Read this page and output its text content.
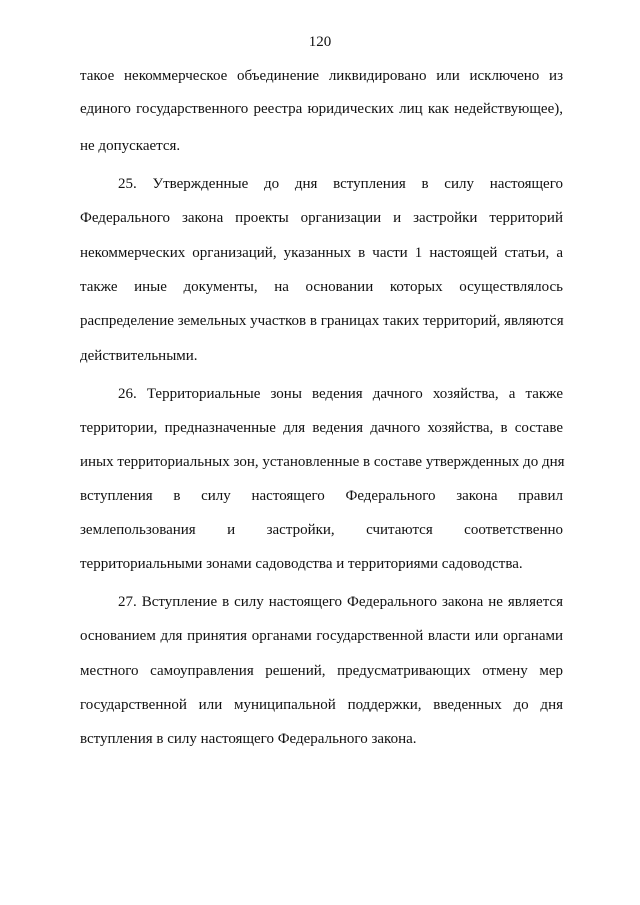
120
такое некоммерческое объединение ликвидировано или исключено из
единого государственного реестра юридических лиц как недействующее),
не допускается.
25. Утвержденные до дня вступления в силу настоящего
Федерального закона проекты организации и застройки территорий
некоммерческих организаций, указанных в части 1 настоящей статьи, а
также иные документы, на основании которых осуществлялось
распределение земельных участков в границах таких территорий, являются
действительными.
26. Территориальные зоны ведения дачного хозяйства, а также
территории, предназначенные для ведения дачного хозяйства, в составе
иных территориальных зон, установленные в составе утвержденных до дня
вступления в силу настоящего Федерального закона правил
землепользования и застройки, считаются соответственно
территориальными зонами садоводства и территориями садоводства.
27. Вступление в силу настоящего Федерального закона не является
основанием для принятия органами государственной власти или органами
местного самоуправления решений, предусматривающих отмену мер
государственной или муниципальной поддержки, введенных до дня
вступления в силу настоящего Федерального закона.
